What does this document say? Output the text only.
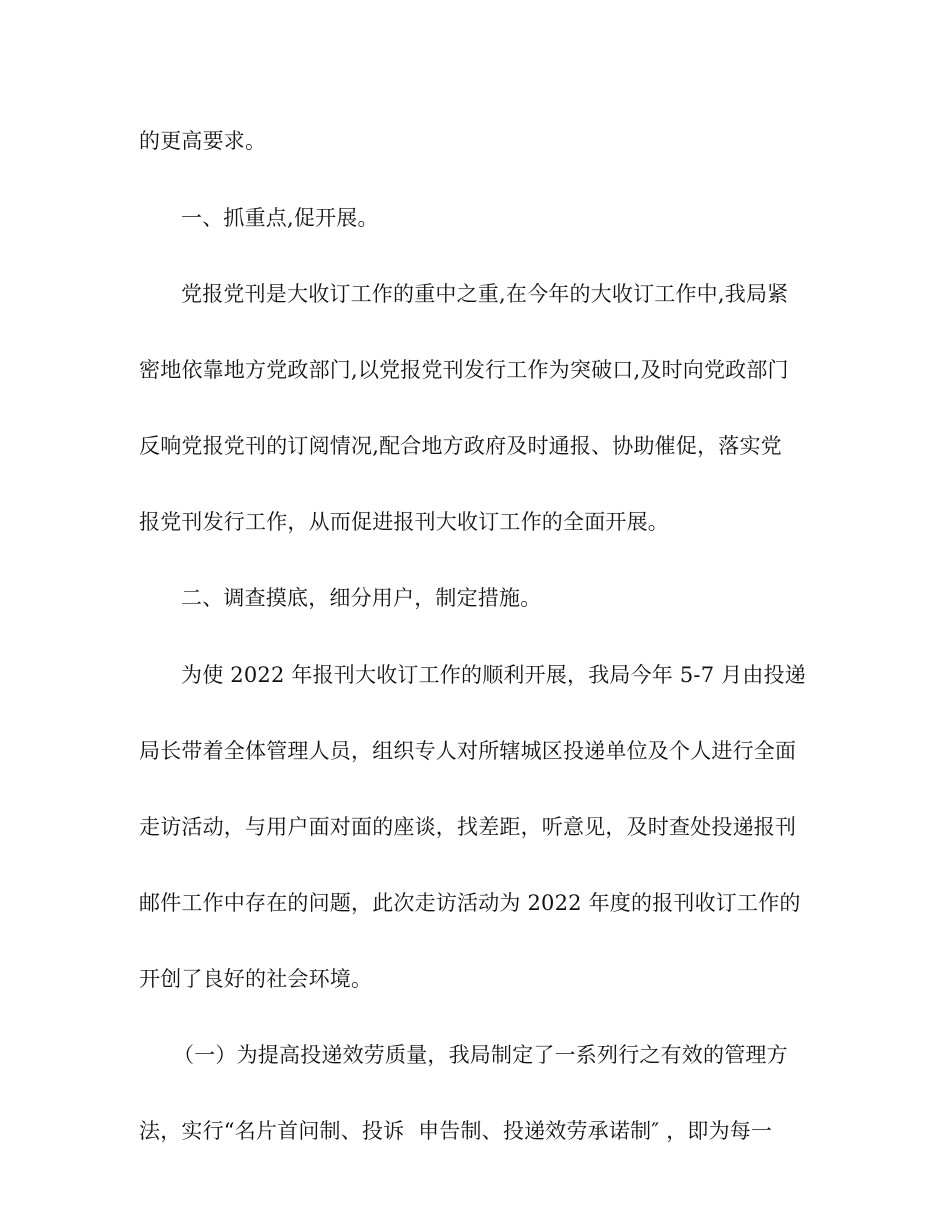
的更高要求。
一、抓重点,促开展。
党报党刊是大收订工作的重中之重,在今年的大收订工作中,我局紧
密地依靠地方党政部门,以党报党刊发行工作为突破口,及时向党政部门
反响党报党刊的订阅情况,配合地方政府及时通报、协助催促，落实党
报党刊发行工作，从而促进报刊大收订工作的全面开展。
二、调查摸底，细分用户，制定措施。
为使 2022 年报刊大收订工作的顺利开展，我局今年 5-7 月由投递
局长带着全体管理人员，组织专人对所辖城区投递单位及个人进行全面
走访活动，与用户面对面的座谈，找差距，听意见，及时查处投递报刊
邮件工作中存在的问题，此次走访活动为 2022 年度的报刊收订工作的
开创了良好的社会环境。
（一）为提高投递效劳质量，我局制定了一系列行之有效的管理方
法，实行“名片首问制、投诉  申告制、投递效劳承诺制″ ，即为每一
